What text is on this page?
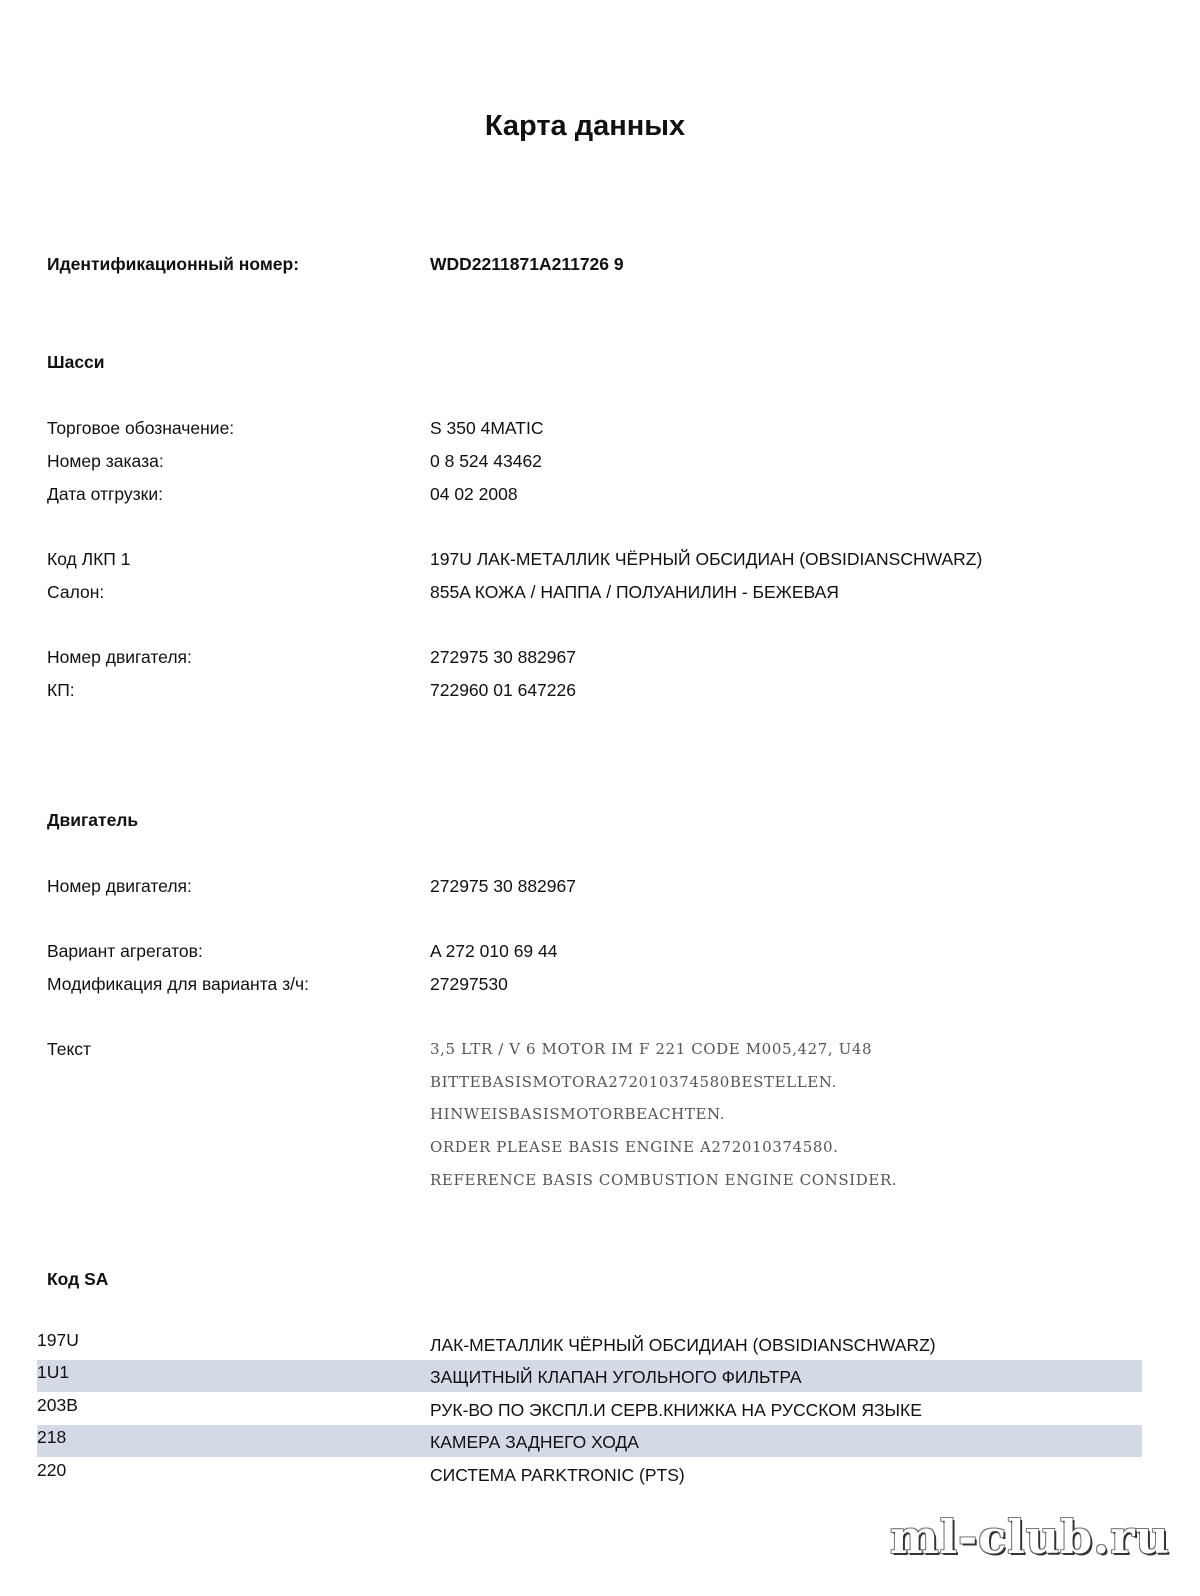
Карта данных
Идентификационный номер:	WDD2211871A211726 9
Шасси
Торговое обозначение:	S 350 4MATIC
Номер заказа:	0 8 524 43462
Дата отгрузки:	04 02 2008
Код ЛКП 1	197U ЛАК-МЕТАЛЛИК ЧЁРНЫЙ ОБСИДИАН (OBSIDIANSCHWARZ)
Салон:	855A КОЖА / НАППА / ПОЛУАНИЛИН - БЕЖЕВАЯ
Номер двигателя:	272975 30 882967
КП:	722960 01 647226
Двигатель
Номер двигателя:	272975 30 882967
Вариант агрегатов:	A 272 010 69 44
Модификация для варианта з/ч:	27297530
Текст	3,5 LTR / V 6 MOTOR IM F 221 CODE M005,427, U48
BITTEBASISMOTORA272010374580BESTELLEN.
HINWEISBASISMOTORBEACHTEN.
ORDER PLEASE BASIS ENGINE A272010374580.
REFERENCE BASIS COMBUSTION ENGINE CONSIDER.
Код SA
197U	ЛАК-МЕТАЛЛИК ЧЁРНЫЙ ОБСИДИАН (OBSIDIANSCHWARZ)
1U1	ЗАЩИТНЫЙ КЛАПАН УГОЛЬНОГО ФИЛЬТРА
203B	РУК-ВО ПО ЭКСПЛ.И СЕРВ.КНИЖКА НА РУССКОМ ЯЗЫКЕ
218	КАМЕРА ЗАДНЕГО ХОДА
220	СИСТЕМА PARKTRONIC (PTS)
ml-club.ru
